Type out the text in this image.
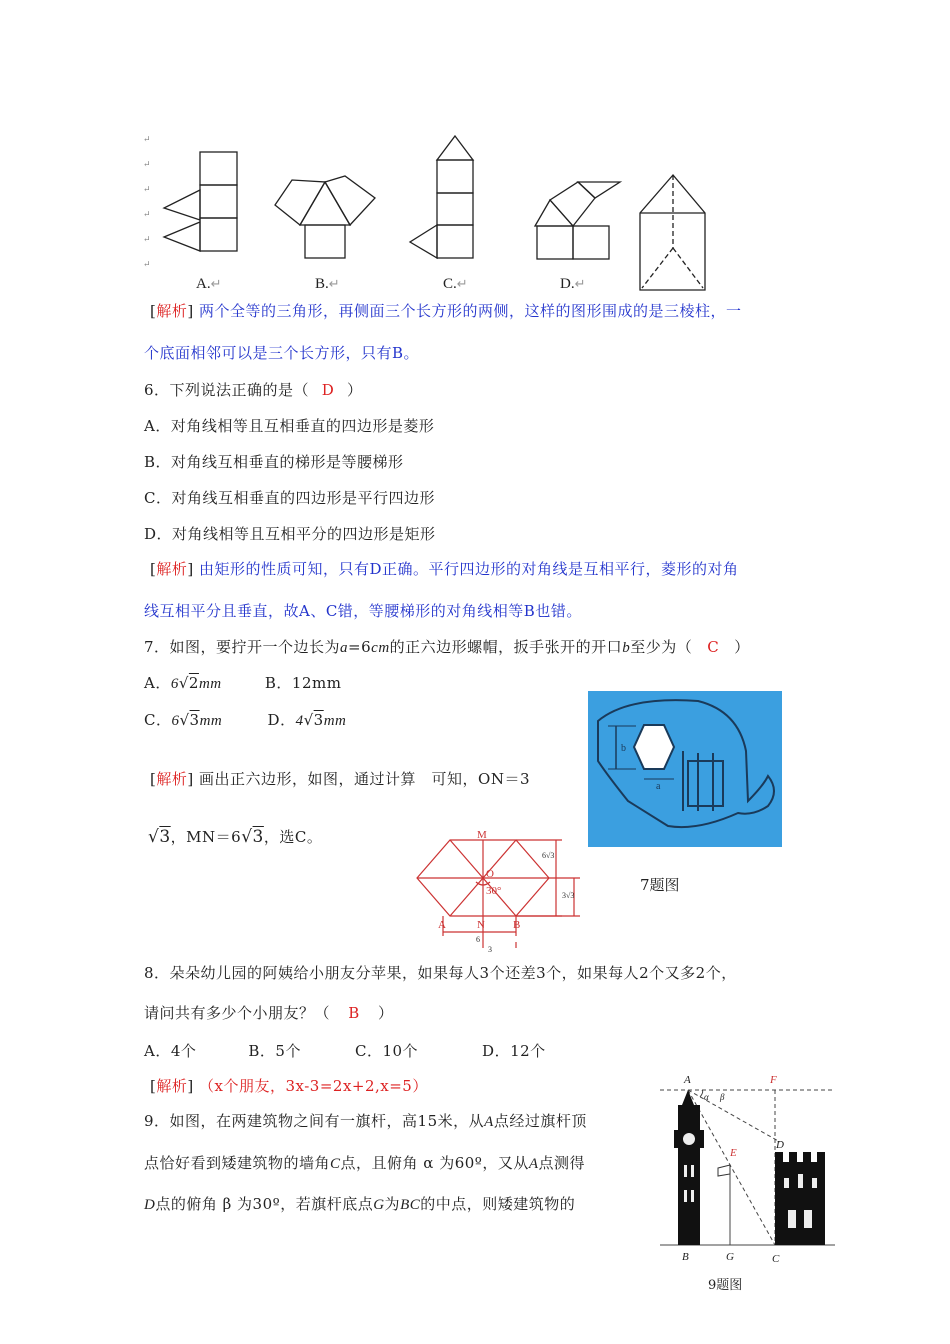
↵
↵
↵
↵
↵
↵
A.↵	B.↵	C.↵	D.↵
[解析] 两个全等的三角形，再侧面三个长方形的两侧，这样的图形围成的是三棱柱，一
个底面相邻可以是三个长方形，只有B。
6．下列说法正确的是（ D ）
A．对角线相等且互相垂直的四边形是菱形
B．对角线互相垂直的梯形是等腰梯形
C．对角线互相垂直的四边形是平行四边形
D．对角线相等且互相平分的四边形是矩形
[解析] 由矩形的性质可知，只有D正确。平行四边形的对角线是互相平行，菱形的对角
线互相平分且垂直，故A、C错，等腰梯形的对角线相等B也错。
7．如图，要拧开一个边长为a=6cm的正六边形螺帽，扳手张开的开口b至少为（ C ）
A．6√2mm	B．12mm
C．6√3mm	D．4√3mm
b
a
7题图
[解析] 画出正六边形，如图，通过计算　可知，ON＝3
√3，MN＝6√3，选C。	M
O
30°
A	N	B
6√3
3√3
6
3
8．朵朵幼儿园的阿姨给小朋友分苹果，如果每人3个还差3个，如果每人2个又多2个，
请问共有多少个小朋友？（ B ）
A．4个	B．5个	C．10个	D．12个
[解析] （x个朋友，3x-3=2x+2,x=5）
9．如图，在两建筑物之间有一旗杆，高15米，从A点经过旗杆顶
点恰好看到矮建筑物的墙角C点，且俯角 α 为60º，又从A点测得
D点的俯角 β 为30º，若旗杆底点G为BC的中点，则矮建筑物的
A	F
α β
D
E
B	G	C
9题图
